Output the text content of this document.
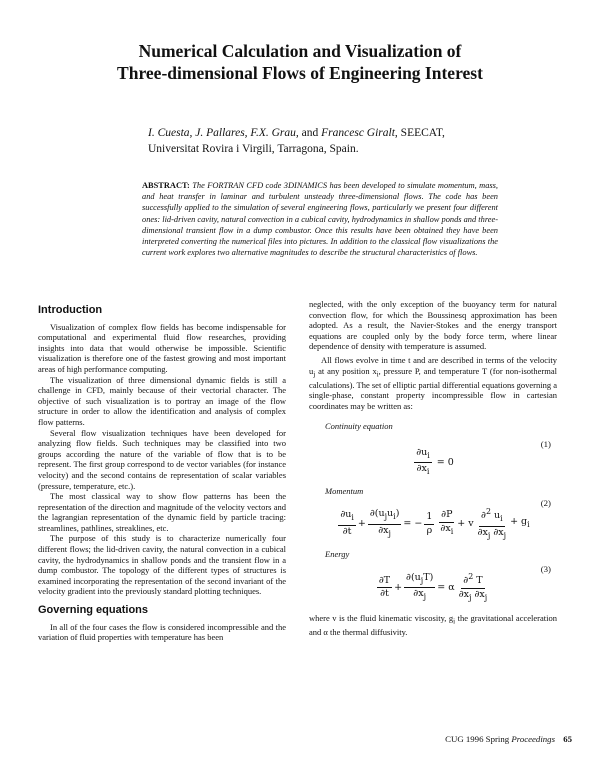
Numerical Calculation and Visualization of
Three-dimensional Flows of Engineering Interest
I. Cuesta, J. Pallares, F.X. Grau, and Francesc Giralt, SEECAT,
Universitat Rovira i Virgili, Tarragona, Spain.
ABSTRACT: The FORTRAN CFD code 3DINAMICS has been developed to simulate momentum, mass, and heat transfer in laminar and turbulent unsteady three-dimensional flows. The code has been successfully applied to the simulation of several engineering flows, particularly we present four different ones: lid-driven cavity, natural convection in a cubical cavity, hydrodynamics in shallow ponds and three-dimensional transient flow in a dump combustor. Once this results have been obtained they have been interpreted converting the numerical files into pictures. In addition to the classical flow visualizations the current work explores two alternative magnitudes to describe the structural characteristics of flows.
Introduction

Visualization of complex flow fields has become indispensable for computational and experimental fluid flow researches, providing insights into data that would otherwise be impossible. Scientific visualization is therefore one of the fastest growing and most important areas of high performance computing.

The visualization of three dimensional dynamic fields is still a challenge in CFD, mainly because of their vectorial character. The objective of such visualization is to portray an image of the flow structure in order to allow the identification and analysis of complex flow patterns.

Several flow visualization techniques have been developed for analyzing flow fields. Such techniques may be classified into two groups according the nature of the variable of flow that is to be represent. The first group correspond to de vector variables (for instance velocity) and the second contains de representation of scalar variables (pressure, temperature, etc.).

The most classical way to show flow patterns has been the representation of the direction and magnitude of the velocity vectors and the lagrangian representation of the dynamic field by particle tracing: streamlines, pathlines, streaklines, etc.

The purpose of this study is to characterize numerically four different flows; the lid-driven cavity, the natural convection in a cubical cavity, the hydrodynamics in shallow ponds and the transient flow in a dump combustor. The topology of the different types of structures is examined incorporating the representation of the second invariant of the velocity gradient into the previously standard plotting techniques.

Governing equations

In all of the four cases the flow is considered incompressible and the variation of fluid properties with temperature has been

neglected, with the only exception of the buoyancy term for natural convection flow, for which the Boussinesq approximation has been adopted. As a result, the Navier-Stokes and the energy transport equations are coupled only by the body force term, where linear dependence of density with temperature is assumed.

All flows evolve in time t and are described in terms of the velocity $u_j$ at any position $x_i$, pressure P, and temperature T (for non-isothermal calculations). The set of elliptic partial differential equations governing a single-phase, constant property incompressible flow in cartesian coordinates may be written as:

Continuity equation
(1)
$\frac{\partial u_i}{\partial x_i} = 0$
Momentum
(2)
$\frac{\partial u_i}{\partial t} + \frac{\partial(u_ju_i)}{\partial x_j}$ = − $\frac{1}{\rho} \frac{\partial P}{\partial x_i} + v \frac{\partial^2 u_i}{\partial x_j \partial x_j} + g_i$
Energy
(3)
$\frac{\partial T}{\partial t} + \frac{\partial(u_jT)}{\partial x_j} = \alpha \frac{\partial^2 T}{\partial x_j \partial x_j}$

where v is the fluid kinematic viscosity, $g_i$ the gravitational acceleration and α the thermal diffusivity.

CUG 1996 Spring Proceedings 65
